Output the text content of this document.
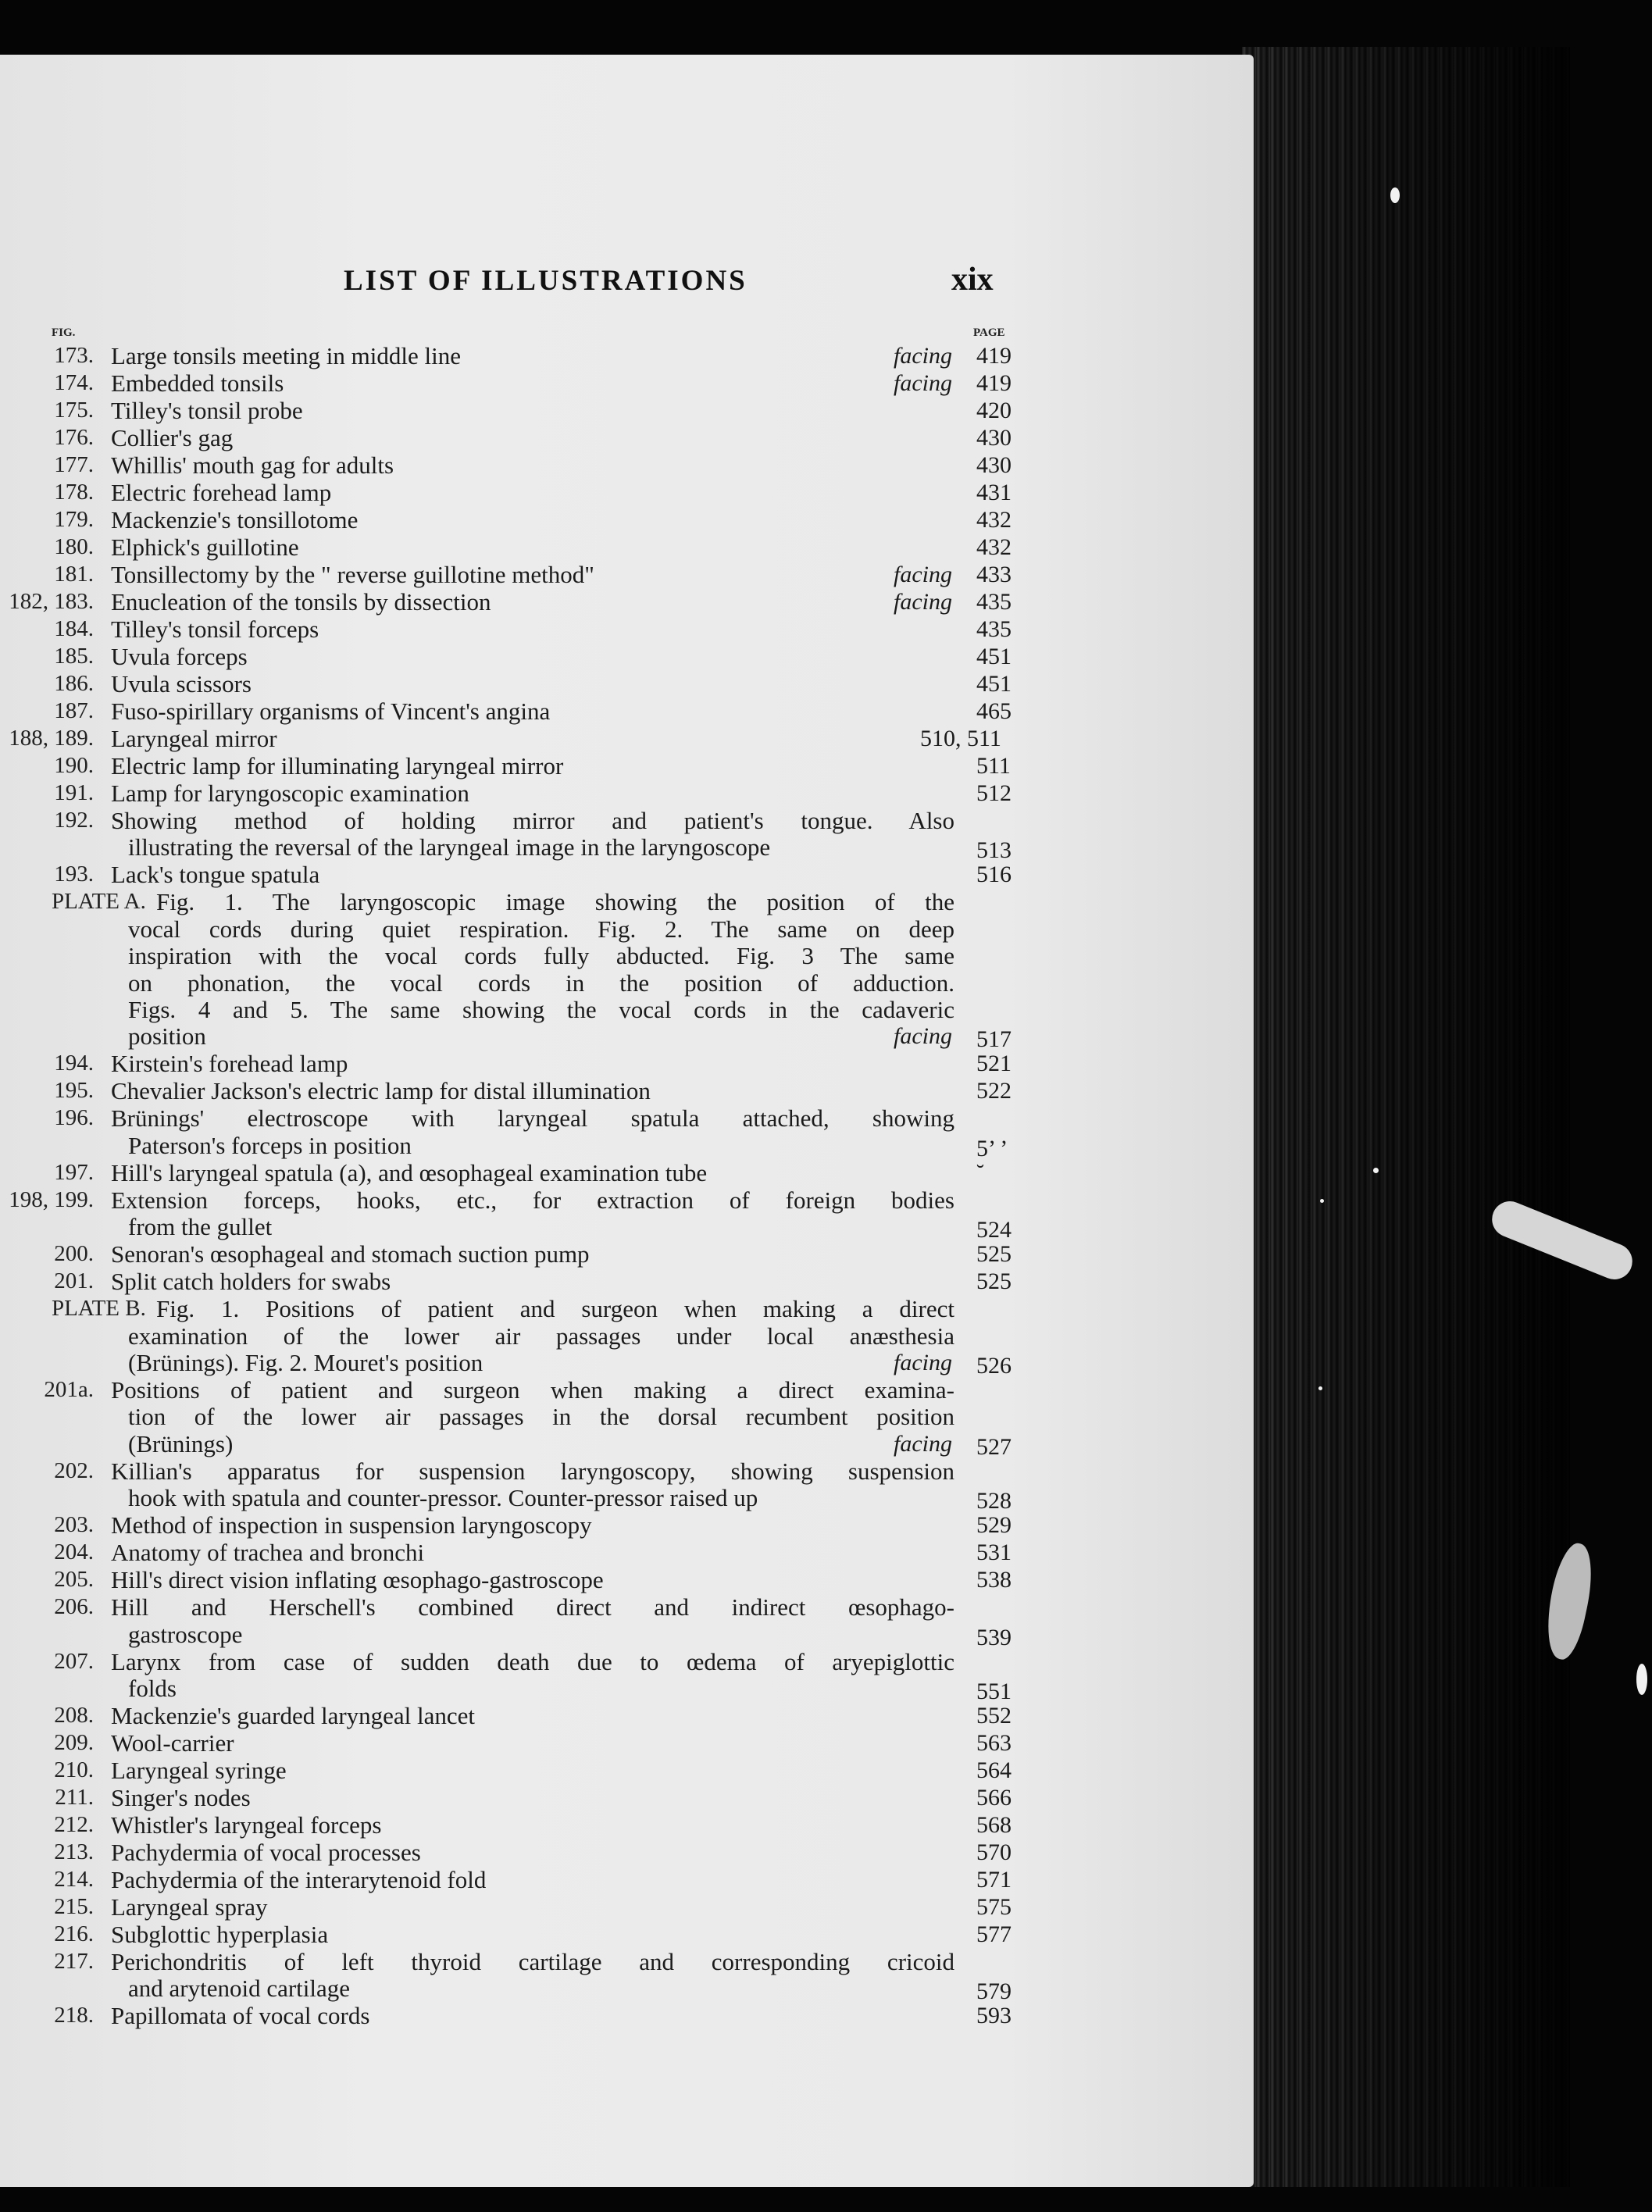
LIST OF ILLUSTRATIONS	xix
FIG.	PAGE
173. Large tonsils meeting in middle line	facing 419
174. Embedded tonsils	facing 419
175. Tilley's tonsil probe	420
176. Collier's gag	430
177. Whillis' mouth gag for adults	430
178. Electric forehead lamp	431
179. Mackenzie's tonsillotome	432
180. Elphick's guillotine	432
181. Tonsillectomy by the " reverse guillotine method"	facing 433
182, 183. Enucleation of the tonsils by dissection	facing 435
184. Tilley's tonsil forceps	435
185. Uvula forceps	451
186. Uvula scissors	451
187. Fuso-spirillary organisms of Vincent's angina	465
188, 189. Laryngeal mirror	510, 511
190. Electric lamp for illuminating laryngeal mirror	511
191. Lamp for laryngoscopic examination	512
192. Showing method of holding mirror and patient's tongue. Also
illustrating the reversal of the laryngeal image in the laryngoscope	513
193. Lack's tongue spatula	516
PLATE A. Fig. 1. The laryngoscopic image showing the position of the
vocal cords during quiet respiration. Fig. 2. The same on deep
inspiration with the vocal cords fully abducted. Fig. 3 The same
on phonation, the vocal cords in the position of adduction.
Figs. 4 and 5. The same showing the vocal cords in the cadaveric
position	facing 517
194. Kirstein's forehead lamp	521
195. Chevalier Jackson's electric lamp for distal illumination	522
196. Brünings' electroscope with laryngeal spatula attached, showing
Paterson's forceps in position	5’ ’
197. Hill's laryngeal spatula (a), and œsophageal examination tube	˘
198, 199. Extension forceps, hooks, etc., for extraction of foreign bodies
from the gullet	524
200. Senoran's œsophageal and stomach suction pump	525
201. Split catch holders for swabs	525
PLATE B. Fig. 1. Positions of patient and surgeon when making a direct
examination of the lower air passages under local anæsthesia
(Brünings). Fig. 2. Mouret's position	facing 526
201a. Positions of patient and surgeon when making a direct examina-
tion of the lower air passages in the dorsal recumbent position
(Brünings)	facing 527
202. Killian's apparatus for suspension laryngoscopy, showing suspension
hook with spatula and counter-pressor. Counter-pressor raised up	528
203. Method of inspection in suspension laryngoscopy	529
204. Anatomy of trachea and bronchi	531
205. Hill's direct vision inflating œsophago-gastroscope	538
206. Hill and Herschell's combined direct and indirect œsophago-
gastroscope	539
207. Larynx from case of sudden death due to œdema of aryepiglottic
folds	551
208. Mackenzie's guarded laryngeal lancet	552
209. Wool-carrier	563
210. Laryngeal syringe	564
211. Singer's nodes	566
212. Whistler's laryngeal forceps	568
213. Pachydermia of vocal processes	570
214. Pachydermia of the interarytenoid fold	571
215. Laryngeal spray	575
216. Subglottic hyperplasia	577
217. Perichondritis of left thyroid cartilage and corresponding cricoid
and arytenoid cartilage	579
218. Papillomata of vocal cords	593
